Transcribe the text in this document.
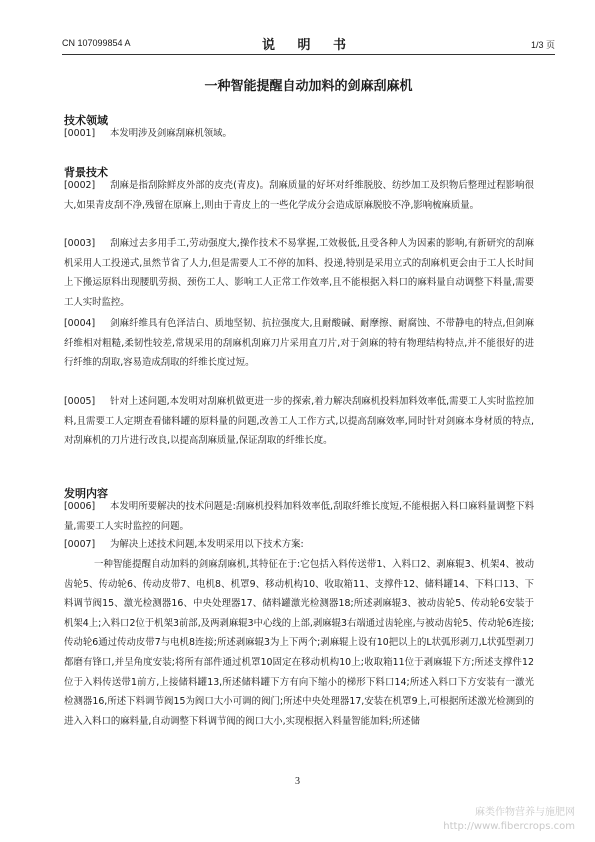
CN 107099854 A	说 明 书	1/3 页
一种智能提醒自动加料的剑麻刮麻机
技术领域
[0001] 本发明涉及剑麻刮麻机领域。
背景技术
[0002] 刮麻是指刮除鲜皮外部的皮壳(青皮)。刮麻质量的好坏对纤维脱胶、纺纱加工及织物后整理过程影响很大,如果青皮刮不净,残留在原麻上,则由于青皮上的一些化学成分会造成原麻脱胶不净,影响梳麻质量。
[0003] 刮麻过去多用手工,劳动强度大,操作技术不易掌握,工效极低,且受各种人为因素的影响,有新研究的刮麻机采用人工投递式,虽然节省了人力,但是需要人工不停的加料、投递,特别是采用立式的刮麻机更会由于工人长时间上下搬运原料出现腰肌劳损、颈伤工人、影响工人正常工作效率,且不能根据入料口的麻料量自动调整下料量,需要工人实时监控。
[0004] 剑麻纤维具有色泽洁白、质地坚韧、抗拉强度大,且耐酸碱、耐摩擦、耐腐蚀、不带静电的特点,但剑麻纤维相对粗糙,柔韧性较差,常规采用的刮麻机刮麻刀片采用直刀片,对于剑麻的特有物理结构特点,并不能很好的进行纤维的刮取,容易造成刮取的纤维长度过短。
[0005] 针对上述问题,本发明对刮麻机做更进一步的探索,着力解决刮麻机投料加料效率低,需要工人实时监控加料,且需要工人定期查看储料罐的原料量的问题,改善工人工作方式,以提高刮麻效率,同时针对剑麻本身材质的特点,对刮麻机的刀片进行改良,以提高刮麻质量,保证刮取的纤维长度。
发明内容
[0006] 本发明所要解决的技术问题是:刮麻机投料加料效率低,刮取纤维长度短,不能根据入料口麻料量调整下料量,需要工人实时监控的问题。
[0007] 为解决上述技术问题,本发明采用以下技术方案:
一种智能提醒自动加料的剑麻刮麻机,其特征在于:它包括入料传送带1、入料口2、剥麻辊3、机架4、被动齿轮5、传动轮6、传动皮带7、电机8、机罩9、移动机构10、收取箱11、支撑件12、储料罐14、下料口13、下料调节阀15、激光检测器16、中央处理器17、储料罐激光检测器18;所述剥麻辊3、被动齿轮5、传动轮6安装于机架4上;入料口2位于机架3前部,及两剥麻辊3中心线的上部,剥麻辊3右端通过齿轮座,与被动齿轮5、传动轮6连接;传动轮6通过传动皮带7与电机8连接;所述剥麻辊3为上下两个;剥麻辊上设有10把以上的L状弧形剥刀,L状弧型剥刀都磨有锋口,并呈角度安装;将所有部件通过机罩10固定在移动机构10上;收取箱11位于剥麻辊下方;所述支撑件12位于入料传送带1前方,上接储料罐13,所述储料罐下方有向下缩小的梯形下料口14;所述入料口下方安装有一激光检测器16,所述下料调节阀15为阀口大小可调的阀门;所述中央处理器17,安装在机罩9上,可根据所述激光检测到的进入入料口的麻料量,自动调整下料调节阀的阀口大小,实现根据入料量智能加料;所述储
3
麻类作物营养与施肥网
http://www.fibercrops.com
